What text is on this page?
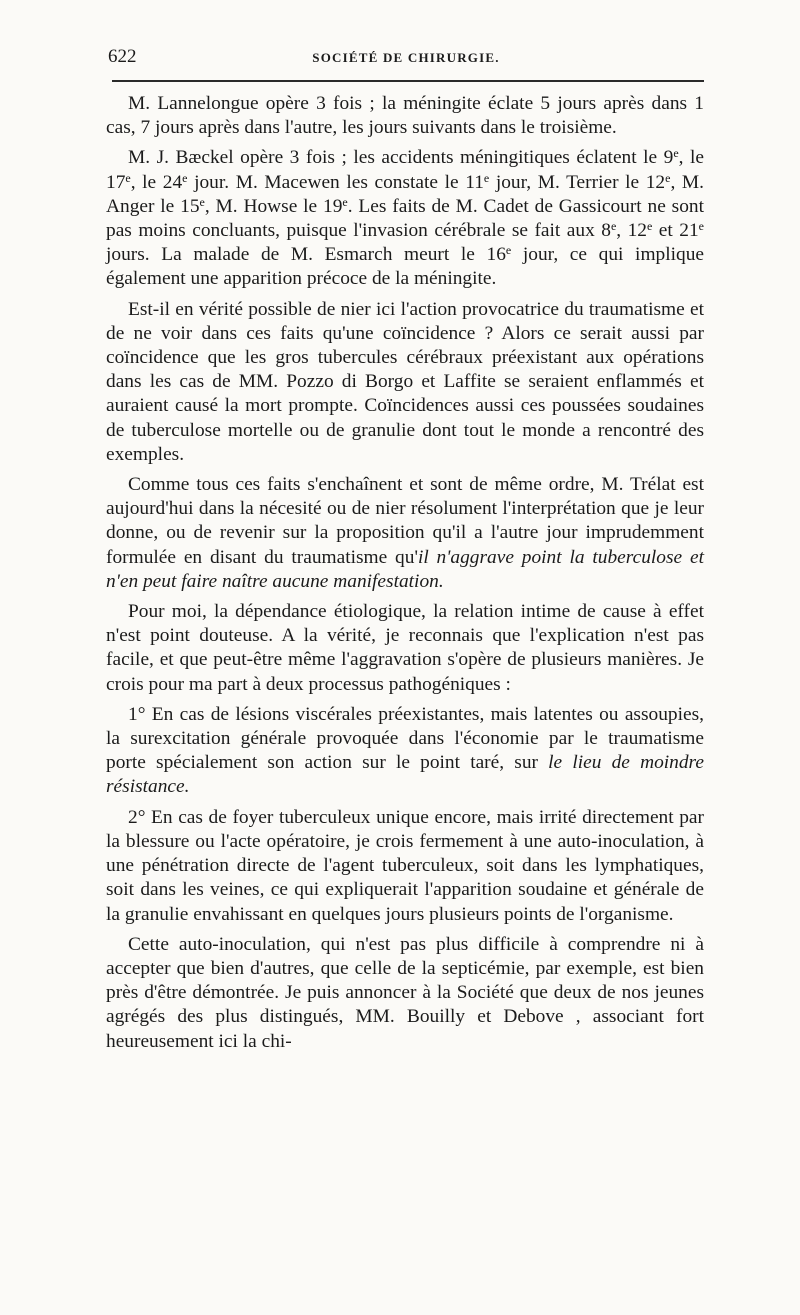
622	SOCIÉTÉ DE CHIRURGIE.

M. Lannelongue opère 3 fois ; la méningite éclate 5 jours après dans 1 cas, 7 jours après dans l'autre, les jours suivants dans le troisième.

M. J. Bæckel opère 3 fois ; les accidents méningitiques éclatent le 9e, le 17e, le 24e jour. M. Macewen les constate le 11e jour, M. Terrier le 12e, M. Anger le 15e, M. Howse le 19e. Les faits de M. Cadet de Gassicourt ne sont pas moins concluants, puisque l'invasion cérébrale se fait aux 8e, 12e et 21e jours. La malade de M. Esmarch meurt le 16e jour, ce qui implique également une apparition précoce de la méningite.

Est-il en vérité possible de nier ici l'action provocatrice du traumatisme et de ne voir dans ces faits qu'une coïncidence ? Alors ce serait aussi par coïncidence que les gros tubercules cérébraux préexistant aux opérations dans les cas de MM. Pozzo di Borgo et Laffite se seraient enflammés et auraient causé la mort prompte. Coïncidences aussi ces poussées soudaines de tuberculose mortelle ou de granulie dont tout le monde a rencontré des exemples.

Comme tous ces faits s'enchaînent et sont de même ordre, M. Trélat est aujourd'hui dans la nécesité ou de nier résolument l'interprétation que je leur donne, ou de revenir sur la proposition qu'il a l'autre jour imprudemment formulée en disant du traumatisme qu'il n'aggrave point la tuberculose et n'en peut faire naître aucune manifestation.

Pour moi, la dépendance étiologique, la relation intime de cause à effet n'est point douteuse. A la vérité, je reconnais que l'explication n'est pas facile, et que peut-être même l'aggravation s'opère de plusieurs manières. Je crois pour ma part à deux processus pathogéniques :

1° En cas de lésions viscérales préexistantes, mais latentes ou assoupies, la surexcitation générale provoquée dans l'économie par le traumatisme porte spécialement son action sur le point taré, sur le lieu de moindre résistance.

2° En cas de foyer tuberculeux unique encore, mais irrité directement par la blessure ou l'acte opératoire, je crois fermement à une auto-inoculation, à une pénétration directe de l'agent tuberculeux, soit dans les lymphatiques, soit dans les veines, ce qui expliquerait l'apparition soudaine et générale de la granulie envahissant en quelques jours plusieurs points de l'organisme.

Cette auto-inoculation, qui n'est pas plus difficile à comprendre ni à accepter que bien d'autres, que celle de la septicémie, par exemple, est bien près d'être démontrée. Je puis annoncer à la Société que deux de nos jeunes agrégés des plus distingués, MM. Bouilly et Debove , associant fort heureusement ici la chi-
